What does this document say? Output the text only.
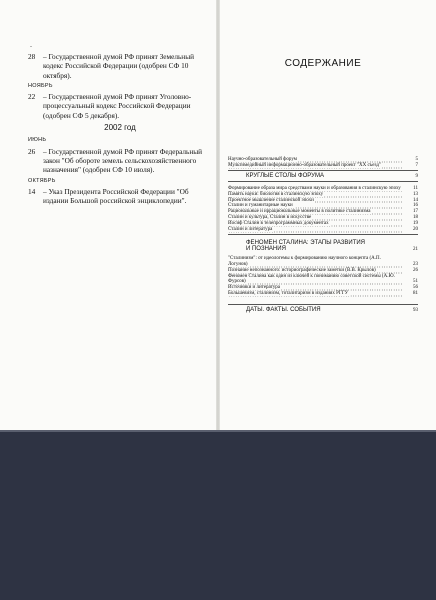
-
28	– Государственной думой РФ принят Земельный кодекс Российской Федерации (одобрен СФ 10 октября).
НОЯБРЬ
22	– Государственной думой РФ принят Уголовно-процессуальный кодекс Российской Федерации (одобрен СФ 5 декабря).
2002 год
ИЮНЬ
26	– Государственной думой РФ принят Федеральный закон "Об обороте земель сельскохозяйственного назначения" (одобрен СФ 10 июля).
ОКТЯБРЬ
14	– Указ Президента Российской Федерации "Об издании Большой российской энциклопедии".
СОДЕРЖАНИЕ
Научно-образовательный форум	5
Мультимедийный информационно-образовательный проект "XX съезд"	7
КРУГЛЫЕ СТОЛЫ ФОРУМА	9
Формирование образа мира средствами науки и образования в сталинскую эпоху	11
Память науки: биология в сталинскую эпоху	13
Проектное мышление сталинской эпохи	14
Сталин и гуманитарные науки	16
Рациональные и иррациональные моменты в политике сталинизма	17
Сталин и культура, Сталин в искусстве	18
Иосиф Сталин в телепрограммных документах	19
Сталин и литература	20
ФЕНОМЕН СТАЛИНА: ЭТАПЫ РАЗВИТИЯ
И ПОЗНАНИЯ	21
"Сталинизм": от идеологемы к формированию научного концепта (А.П. Логунов)	23
Познание непознанного: историографические заметки (В.В. Крылов)	26
Феномен Сталина как один из ключей к пониманию советской системы (А.Ю. Фурсов)	51
Источники и литература	56
Большевизм, сталинизм, тоталитаризм в изданиях РГГУ	81
ДАТЫ. ФАКТЫ. СОБЫТИЯ	93
